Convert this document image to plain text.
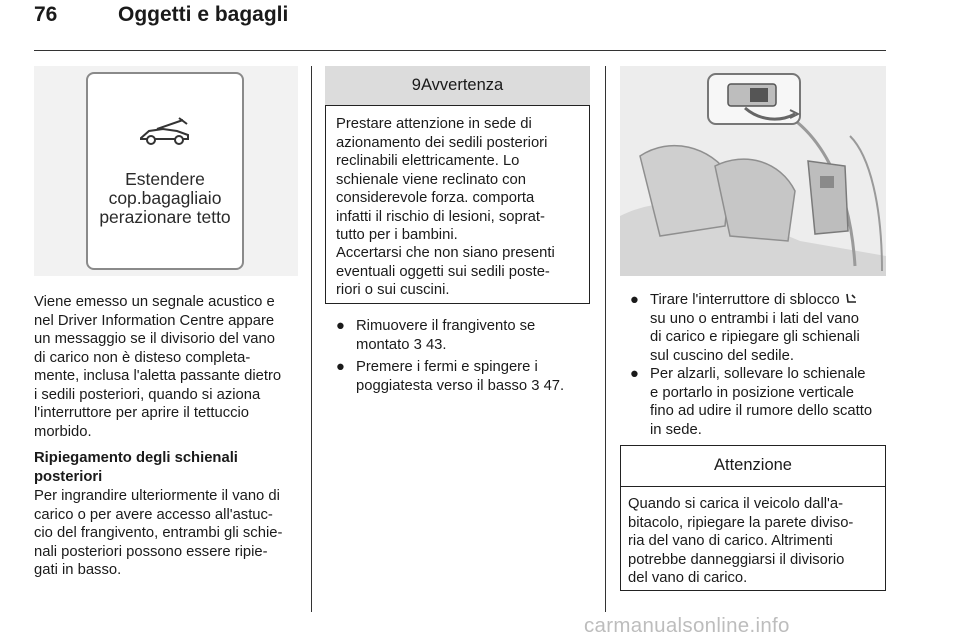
76	Oggetti e bagagli
Estendere
cop.bagagliaio
perazionare tetto
Viene emesso un segnale acustico e
nel Driver Information Centre appare
un messaggio se il divisorio del vano
di carico non è disteso completa-
mente, inclusa l'aletta passante dietro
i sedili posteriori, quando si aziona
l'interruttore per aprire il tettuccio
morbido.
Ripiegamento degli schienali
posteriori
Per ingrandire ulteriormente il vano di
carico o per avere accesso all'astuc-
cio del frangivento, entrambi gli schie-
nali posteriori possono essere ripie-
gati in basso.
9Avvertenza
Prestare attenzione in sede di
azionamento dei sedili posteriori
reclinabili elettricamente. Lo
schienale viene reclinato con
considerevole forza. comporta
infatti il rischio di lesioni, soprat-
tutto per i bambini.
Accertarsi che non siano presenti
eventuali oggetti sui sedili poste-
riori o sui cuscini.
● Rimuovere il frangivento se
montato 3 43.
● Premere i fermi e spingere i
poggiatesta verso il basso 3 47.
● Tirare l'interruttore di sblocco
su uno o entrambi i lati del vano
di carico e ripiegare gli schienali
sul cuscino del sedile.
● Per alzarli, sollevare lo schienale
e portarlo in posizione verticale
fino ad udire il rumore dello scatto
in sede.
Attenzione
Quando si carica il veicolo dall'a-
bitacolo, ripiegare la parete diviso-
ria del vano di carico. Altrimenti
potrebbe danneggiarsi il divisorio
del vano di carico.
carmanualsonline.info
